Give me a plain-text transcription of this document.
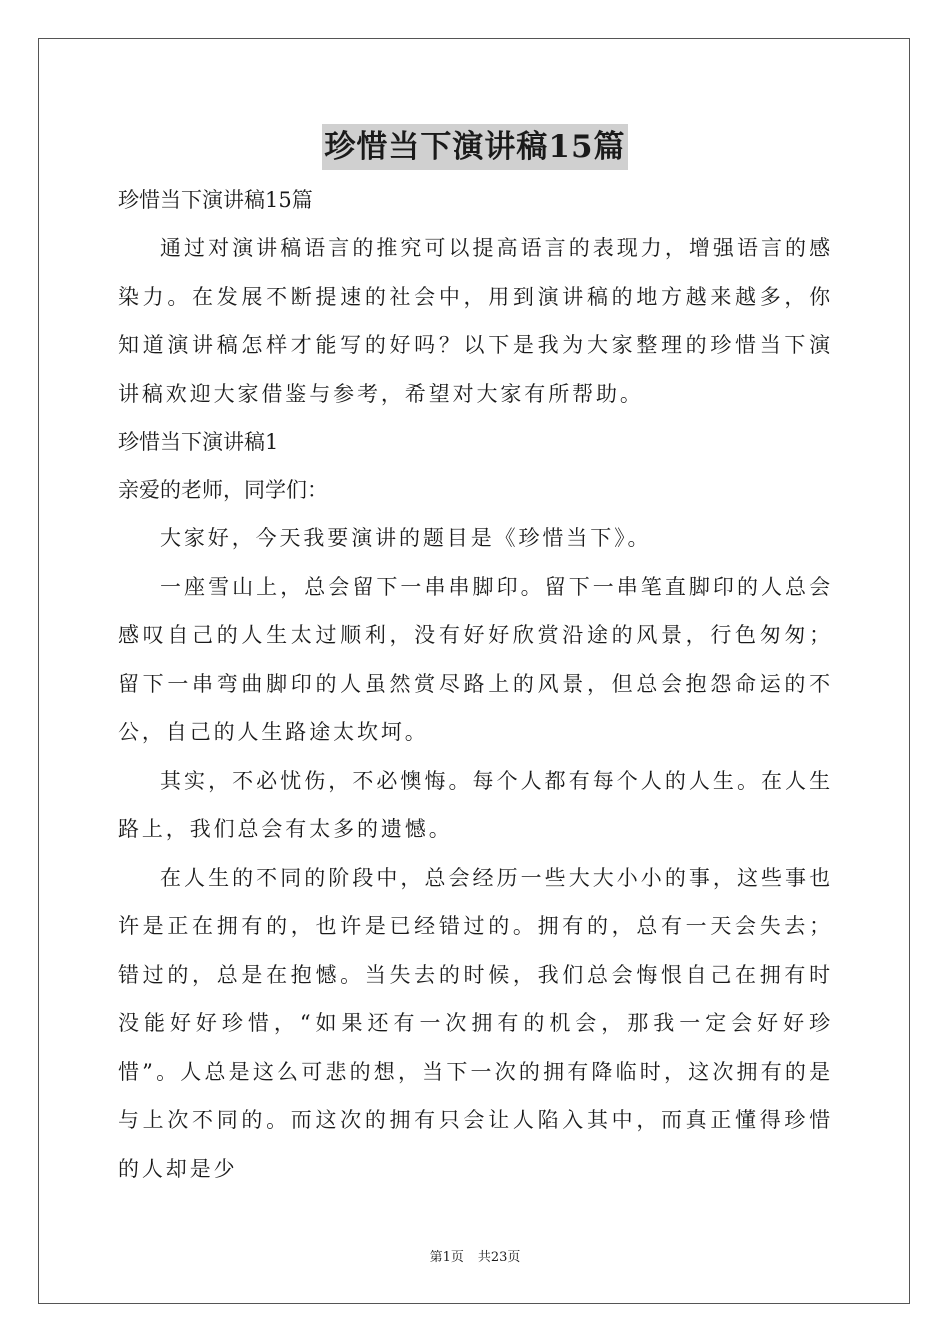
珍惜当下演讲稿15篇

珍惜当下演讲稿15篇

通过对演讲稿语言的推究可以提高语言的表现力，增强语言的感染力。在发展不断提速的社会中，用到演讲稿的地方越来越多，你知道演讲稿怎样才能写的好吗？以下是我为大家整理的珍惜当下演讲稿欢迎大家借鉴与参考，希望对大家有所帮助。

珍惜当下演讲稿1

亲爱的老师，同学们：

大家好，今天我要演讲的题目是《珍惜当下》。

一座雪山上，总会留下一串串脚印。留下一串笔直脚印的人总会感叹自己的人生太过顺利，没有好好欣赏沿途的风景，行色匆匆；留下一串弯曲脚印的人虽然赏尽路上的风景，但总会抱怨命运的不公，自己的人生路途太坎坷。

其实，不必忧伤，不必懊悔。每个人都有每个人的人生。在人生路上，我们总会有太多的遗憾。

在人生的不同的阶段中，总会经历一些大大小小的事，这些事也许是正在拥有的，也许是已经错过的。拥有的，总有一天会失去；错过的，总是在抱憾。当失去的时候，我们总会悔恨自己在拥有时没能好好珍惜，“如果还有一次拥有的机会，那我一定会好好珍惜”。人总是这么可悲的想，当下一次的拥有降临时，这次拥有的是与上次不同的。而这次的拥有只会让人陷入其中，而真正懂得珍惜的人却是少

第1页 共23页
